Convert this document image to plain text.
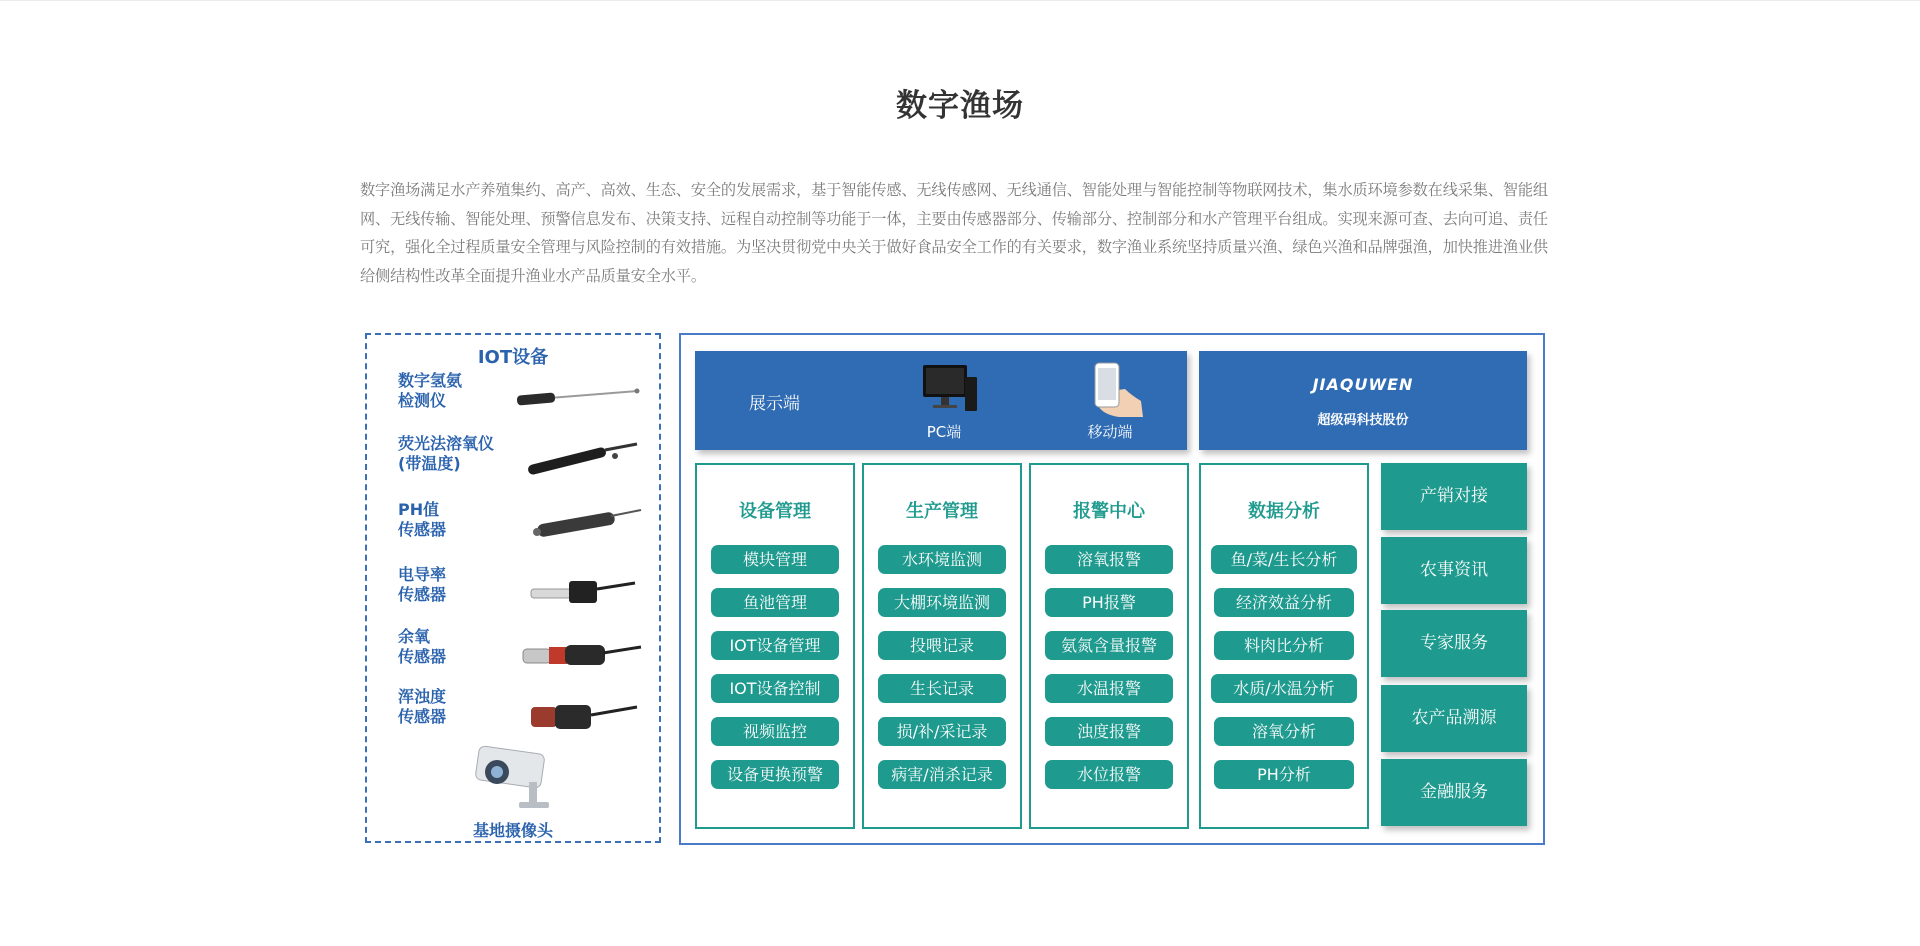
数字渔场
数字渔场满足水产养殖集约、高产、高效、生态、安全的发展需求，基于智能传感、无线传感网、无线通信、智能处理与智能控制等物联网技术，集水质环境参数在线采集、智能组网、无线传输、智能处理、预警信息发布、决策支持、远程自动控制等功能于一体，主要由传感器部分、传输部分、控制部分和水产管理平台组成。实现来源可查、去向可追、责任可究，强化全过程质量安全管理与风险控制的有效措施。为坚决贯彻党中央关于做好食品安全工作的有关要求，数字渔业系统坚持质量兴渔、绿色兴渔和品牌强渔，加快推进渔业供给侧结构性改革全面提升渔业水产品质量安全水平。
IOT设备
数字氢氨
检测仪
荧光法溶氧仪
(带温度)
PH值
传感器
电导率
传感器
余氧
传感器
浑浊度
传感器
基地摄像头
展示端
PC端	移动端
JIAQUWEN
超级码科技股份
设备管理
模块管理
鱼池管理
IOT设备管理
IOT设备控制
视频监控
设备更换预警
生产管理
水环境监测
大棚环境监测
投喂记录
生长记录
损/补/采记录
病害/消杀记录
报警中心
溶氧报警
PH报警
氨氮含量报警
水温报警
浊度报警
水位报警
数据分析
鱼/菜/生长分析
经济效益分析
料肉比分析
水质/水温分析
溶氧分析
PH分析
产销对接
农事资讯
专家服务
农产品溯源
金融服务
